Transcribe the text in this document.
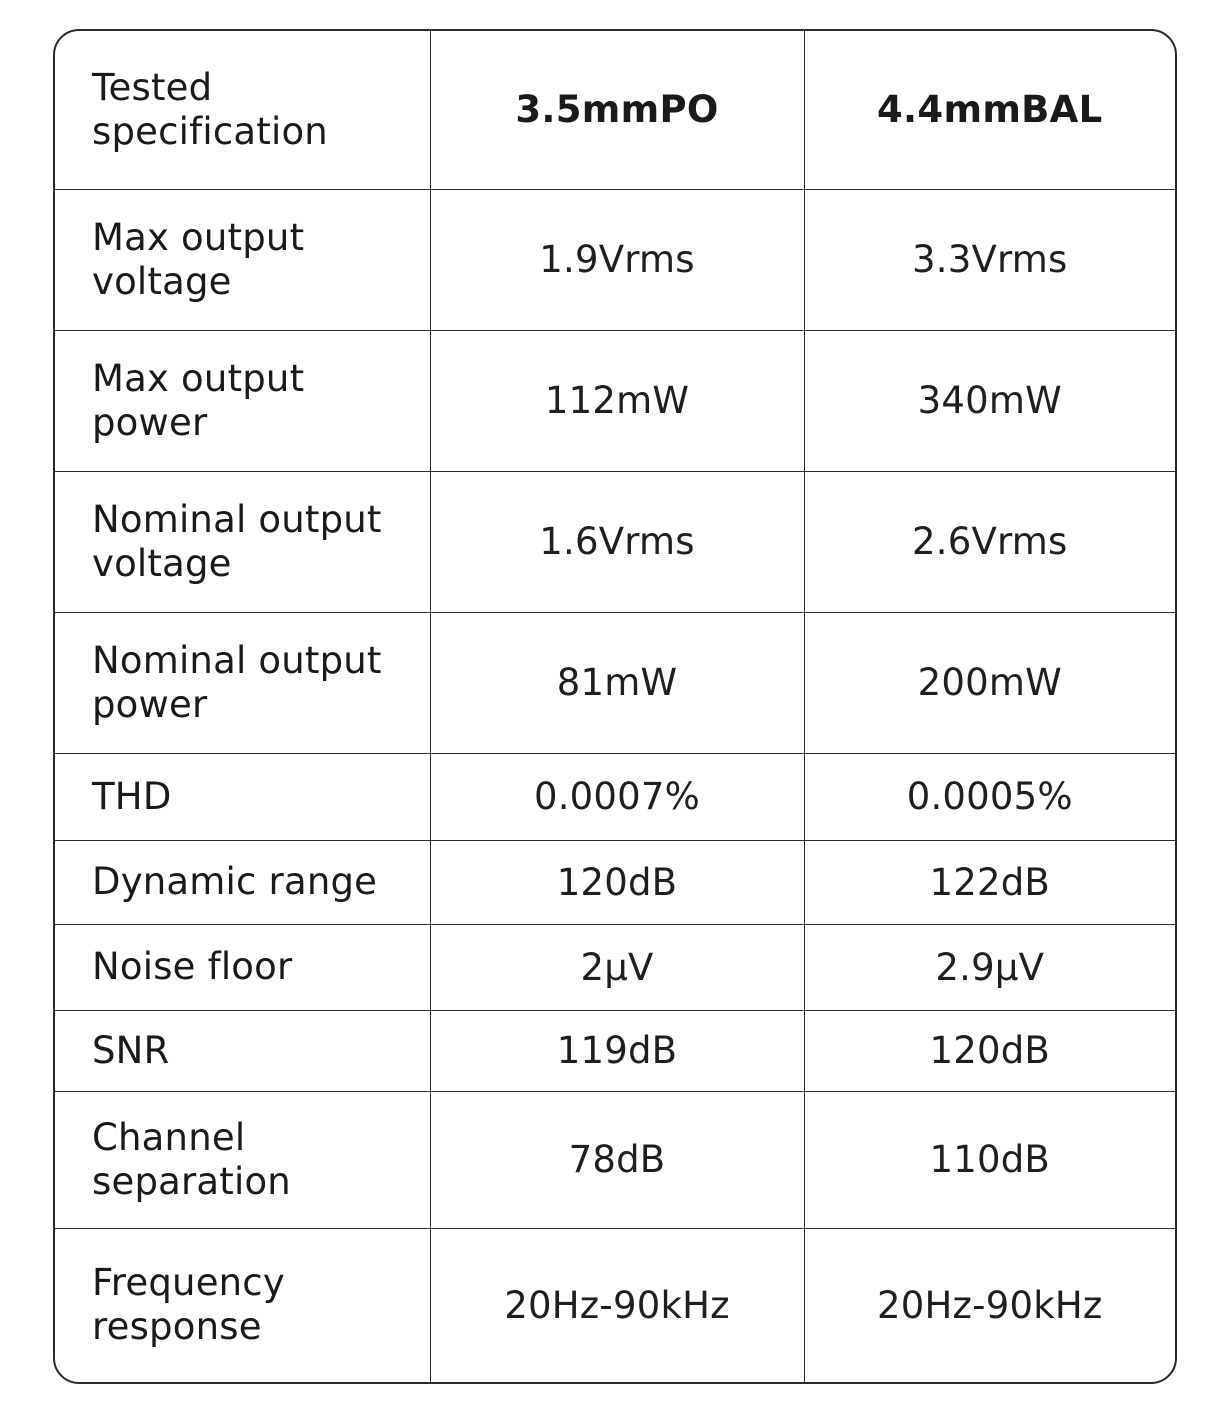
Tested specification	3.5mmPO	4.4mmBAL
Max output voltage	1.9Vrms	3.3Vrms
Max output power	112mW	340mW
Nominal output voltage	1.6Vrms	2.6Vrms
Nominal output power	81mW	200mW
THD	0.0007%	0.0005%
Dynamic range	120dB	122dB
Noise floor	2μV	2.9μV
SNR	119dB	120dB
Channel separation	78dB	110dB
Frequency response	20Hz-90kHz	20Hz-90kHz
